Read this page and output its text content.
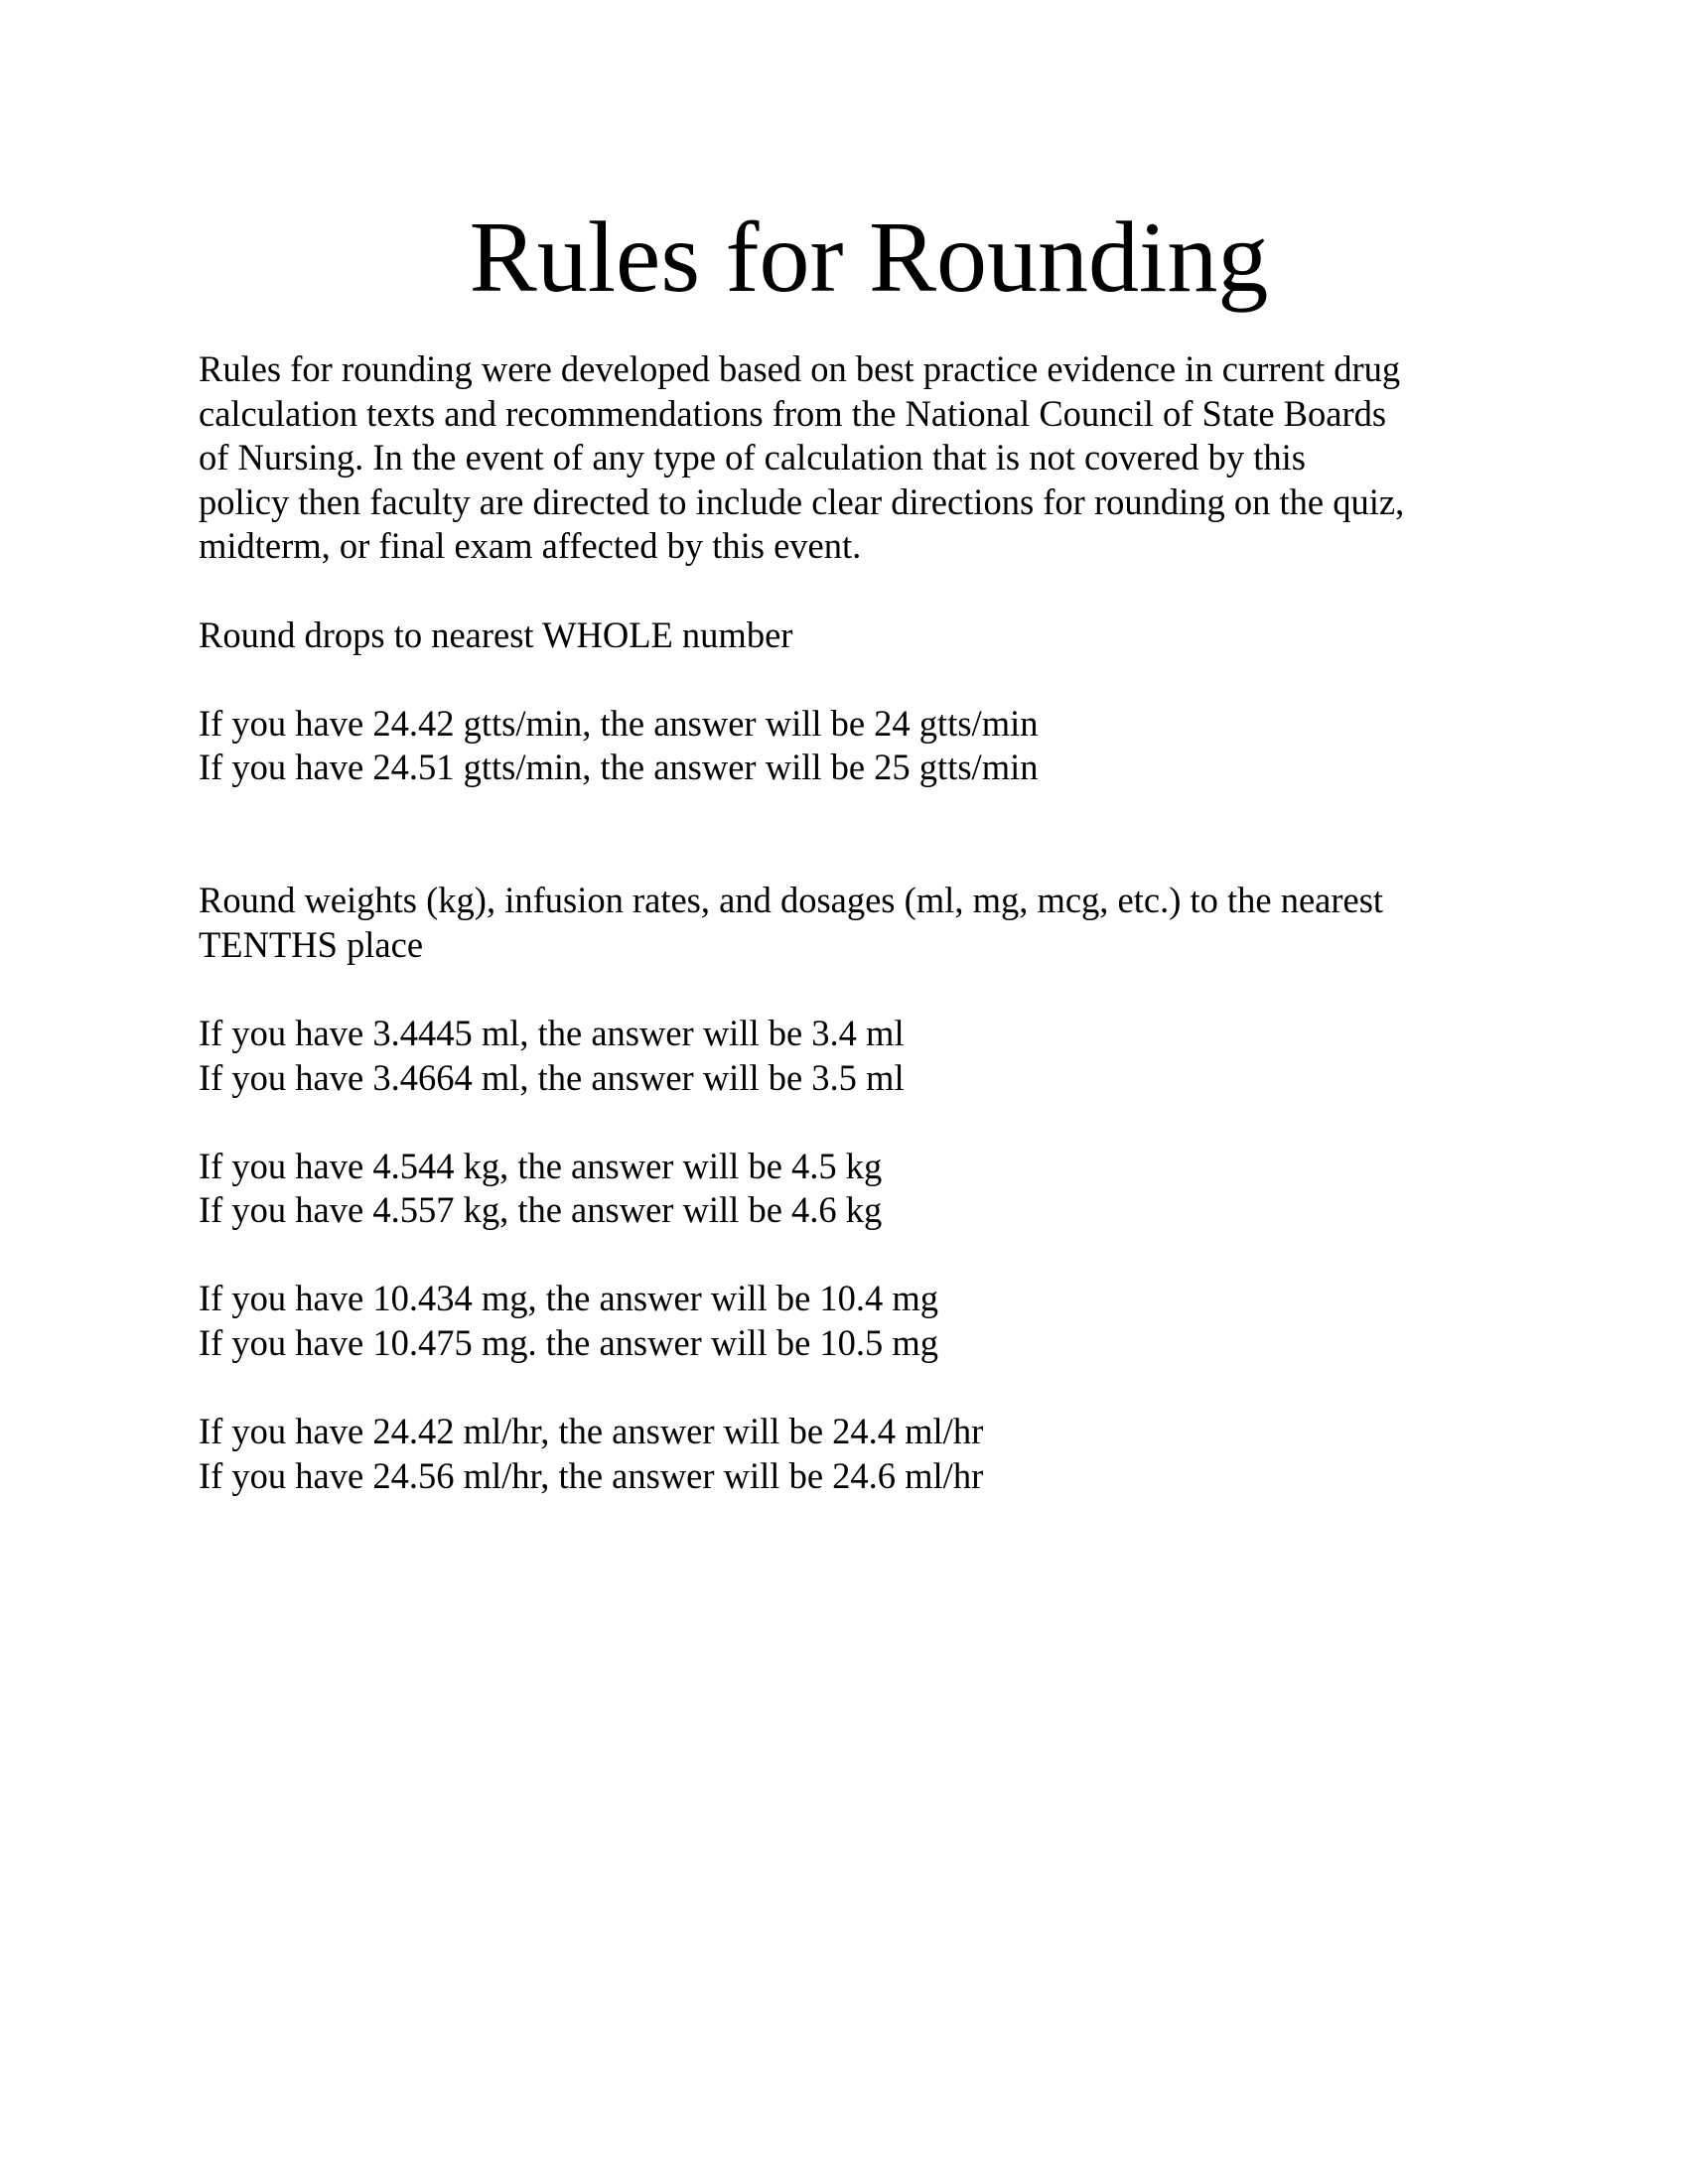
Rules for Rounding

Rules for rounding were developed based on best practice evidence in current drug
calculation texts and recommendations from the National Council of State Boards
of Nursing. In the event of any type of calculation that is not covered by this
policy then faculty are directed to include clear directions for rounding on the quiz,
midterm, or final exam affected by this event.

Round drops to nearest WHOLE number

If you have 24.42 gtts/min, the answer will be 24 gtts/min
If you have 24.51 gtts/min, the answer will be 25 gtts/min

Round weights (kg), infusion rates, and dosages (ml, mg, mcg, etc.) to the nearest
TENTHS place

If you have 3.4445 ml, the answer will be 3.4 ml
If you have 3.4664 ml, the answer will be 3.5 ml
If you have 4.544 kg, the answer will be 4.5 kg
If you have 4.557 kg, the answer will be 4.6 kg
If you have 10.434 mg, the answer will be 10.4 mg
If you have 10.475 mg. the answer will be 10.5 mg
If you have 24.42 ml/hr, the answer will be 24.4 ml/hr
If you have 24.56 ml/hr, the answer will be 24.6 ml/hr
